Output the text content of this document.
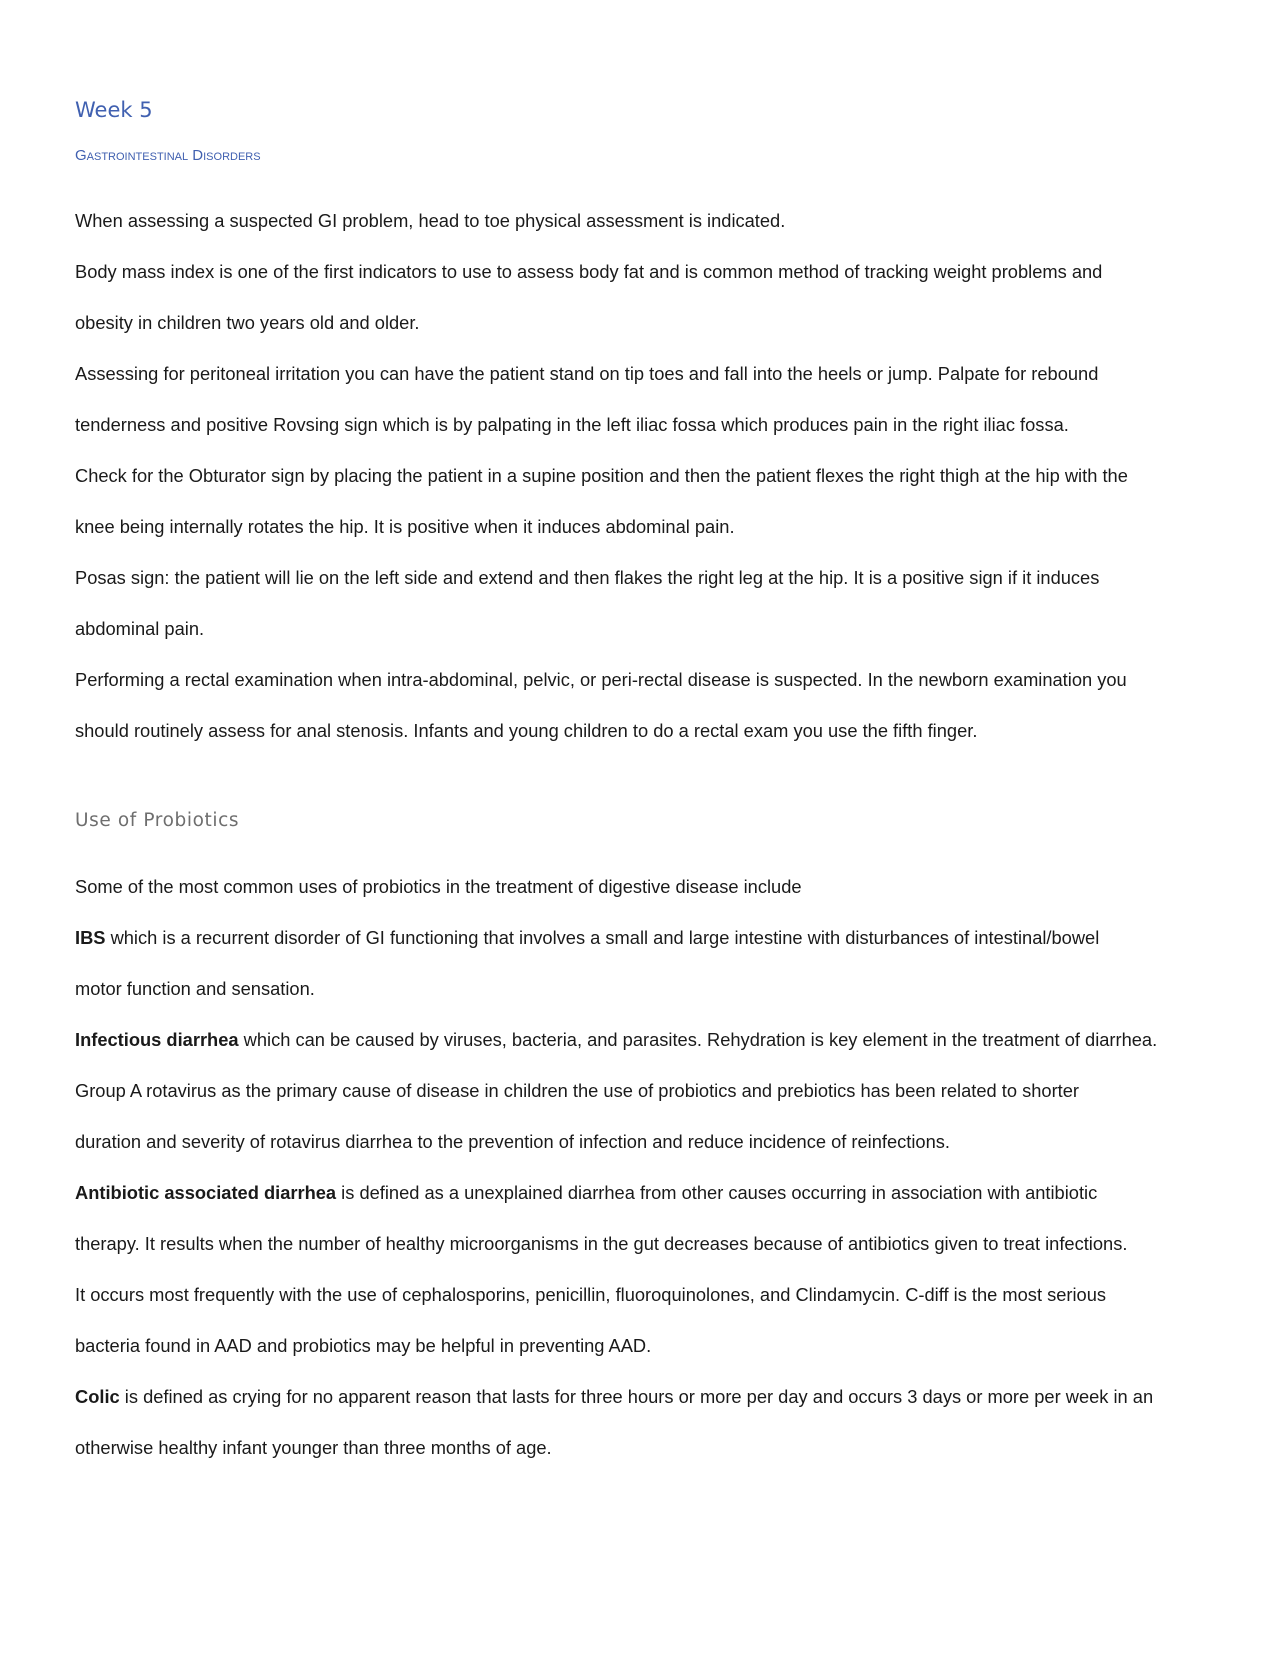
Week 5
Gastrointestinal Disorders

When assessing a suspected GI problem, head to toe physical assessment is indicated.

Body mass index is one of the first indicators to use to assess body fat and is common method of tracking weight problems and
obesity in children two years old and older.

Assessing for peritoneal irritation you can have the patient stand on tip toes and fall into the heels or jump. Palpate for rebound
tenderness and positive Rovsing sign which is by palpating in the left iliac fossa which produces pain in the right iliac fossa.

Check for the Obturator sign by placing the patient in a supine position and then the patient flexes the right thigh at the hip with the
knee being internally rotates the hip. It is positive when it induces abdominal pain.

Posas sign: the patient will lie on the left side and extend and then flakes the right leg at the hip. It is a positive sign if it induces
abdominal pain.

Performing a rectal examination when intra-abdominal, pelvic, or peri-rectal disease is suspected. In the newborn examination you
should routinely assess for anal stenosis. Infants and young children to do a rectal exam you use the fifth finger.

Use of Probiotics

Some of the most common uses of probiotics in the treatment of digestive disease include

IBS which is a recurrent disorder of GI functioning that involves a small and large intestine with disturbances of intestinal/bowel
motor function and sensation.

Infectious diarrhea which can be caused by viruses, bacteria, and parasites. Rehydration is key element in the treatment of diarrhea.
Group A rotavirus as the primary cause of disease in children the use of probiotics and prebiotics has been related to shorter
duration and severity of rotavirus diarrhea to the prevention of infection and reduce incidence of reinfections.

Antibiotic associated diarrhea is defined as a unexplained diarrhea from other causes occurring in association with antibiotic
therapy. It results when the number of healthy microorganisms in the gut decreases because of antibiotics given to treat infections.
It occurs most frequently with the use of cephalosporins, penicillin, fluoroquinolones, and Clindamycin. C-diff is the most serious
bacteria found in AAD and probiotics may be helpful in preventing AAD.

Colic is defined as crying for no apparent reason that lasts for three hours or more per day and occurs 3 days or more per week in an
otherwise healthy infant younger than three months of age.
